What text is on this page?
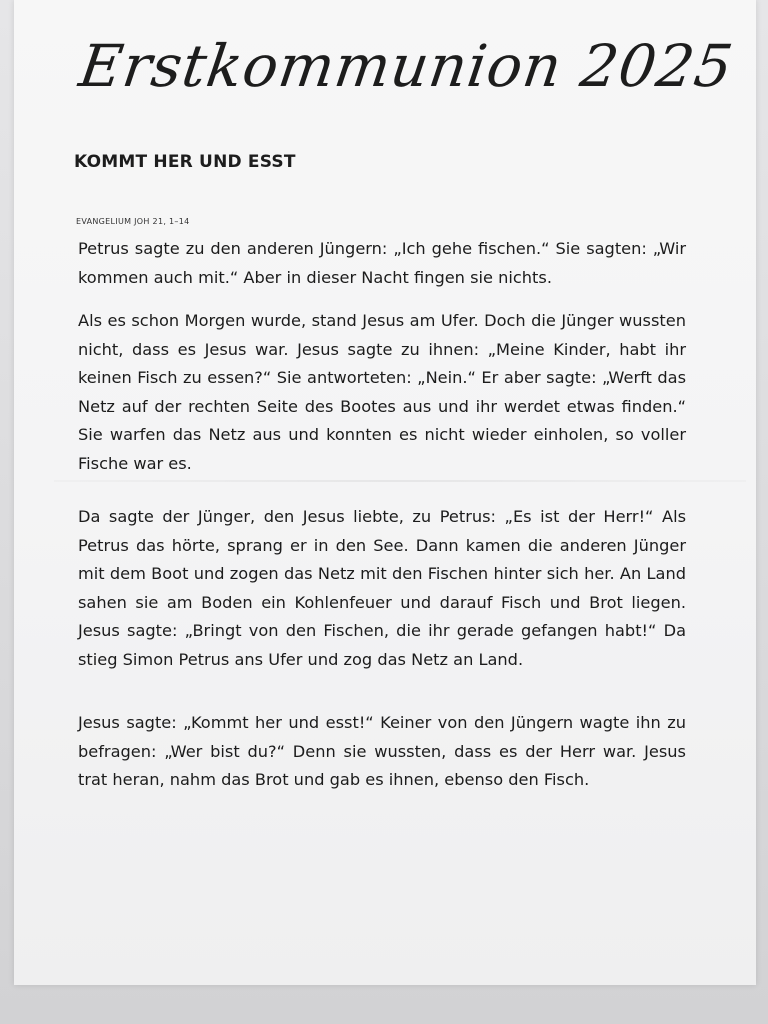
Erstkommunion 2025
KOMMT HER UND ESST
EVANGELIUM JOH 21, 1–14

Petrus sagte zu den anderen Jüngern: „Ich gehe fischen.“ Sie sagten: „Wir kommen auch mit.“ Aber in dieser Nacht fingen sie nichts.

Als es schon Morgen wurde, stand Jesus am Ufer. Doch die Jünger wussten nicht, dass es Jesus war. Jesus sagte zu ihnen: „Meine Kinder, habt ihr keinen Fisch zu essen?“ Sie antworteten: „Nein.“ Er aber sagte: „Werft das Netz auf der rechten Seite des Bootes aus und ihr werdet etwas finden.“ Sie warfen das Netz aus und konnten es nicht wieder einholen, so voller Fische war es.

Da sagte der Jünger, den Jesus liebte, zu Petrus: „Es ist der Herr!“ Als Petrus das hörte, sprang er in den See. Dann kamen die anderen Jünger mit dem Boot und zogen das Netz mit den Fischen hinter sich her. An Land sahen sie am Boden ein Kohlenfeuer und darauf Fisch und Brot liegen. Jesus sagte: „Bringt von den Fischen, die ihr gerade gefangen habt!“ Da stieg Simon Petrus ans Ufer und zog das Netz an Land.

Jesus sagte: „Kommt her und esst!“ Keiner von den Jüngern wagte ihn zu befragen: „Wer bist du?“ Denn sie wussten, dass es der Herr war. Jesus trat heran, nahm das Brot und gab es ihnen, ebenso den Fisch.
